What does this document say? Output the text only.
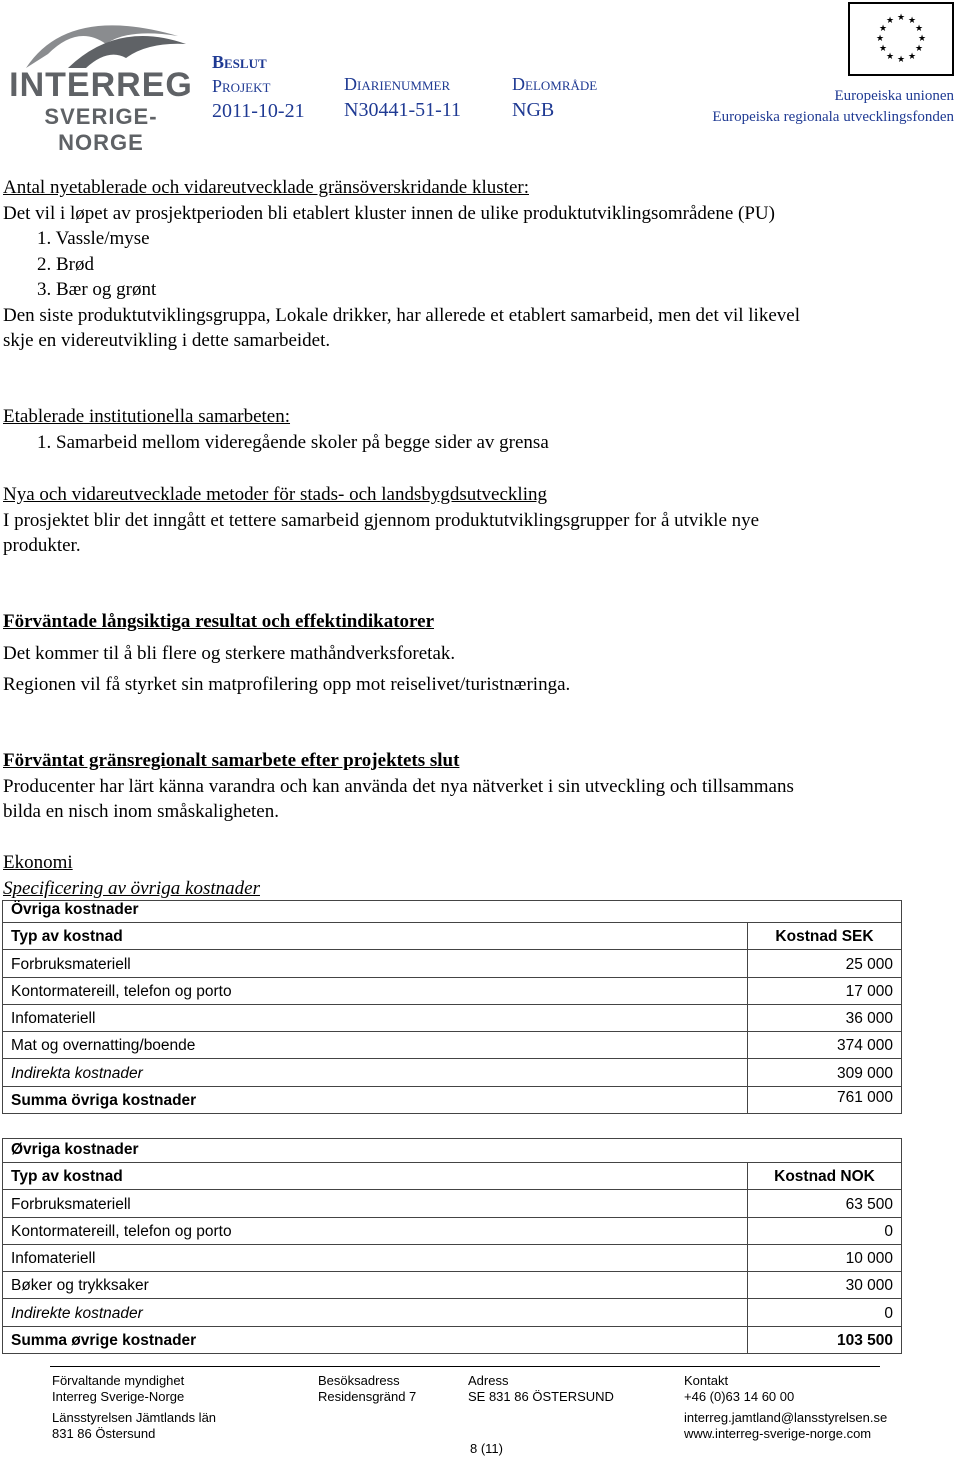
INTERREG
SVERIGE-NORGE
Beslut
Projekt
2011-10-21
Diarienummer
N30441-51-11
Delområde
NGB
★ ★
★
★
★
★
★
★
★
★
★
★
Europeiska unionen
Europeiska regionala utvecklingsfonden

Antal nyetablerade och vidareutvecklade gränsöverskridande kluster:

Det vil i løpet av prosjektperioden bli etablert kluster innen de ulike produktutviklingsområdene (PU)

1. Vassle/myse

2. Brød

3. Bær og grønt

Den siste produktutviklingsgruppa, Lokale drikker, har allerede et etablert samarbeid, men det vil likevel

skje en videreutvikling i dette samarbeidet.

Etablerade institutionella samarbeten:

1. Samarbeid mellom videregående skoler på begge sider av grensa

Nya och vidareutvecklade metoder för stads- och landsbygdsutveckling

I prosjektet blir det inngått et tettere samarbeid gjennom produktutviklingsgrupper for å utvikle nye

produkter.

Förväntade långsiktiga resultat och effektindikatorer

Det kommer til å bli flere og sterkere mathåndverksforetak.

Regionen vil få styrket sin matprofilering opp mot reiselivet/turistnæringa.

Förväntat gränsregionalt samarbete efter projektets slut

Producenter har lärt känna varandra och kan använda det nya nätverket i sin utveckling och tillsammans

bilda en nisch inom småskaligheten.

Ekonomi

Specificering av övriga kostnader

Övriga kostnader	
Typ av kostnad	Kostnad SEK
Forbruksmateriell	25 000
Kontormatereill, telefon og porto	17 000
Infomateriell	36 000
Mat og overnatting/boende	374 000
Indirekta kostnader	309 000
Summa övriga kostnader	761 000
Øvriga kostnader	
Typ av kostnad	Kostnad NOK
Forbruksmateriell	63 500
Kontormatereill, telefon og porto	0
Infomateriell	10 000
Bøker og trykksaker	30 000
Indirekte kostnader	0
Summa øvrige kostnader	103 500
Förvaltande myndighet
Interreg Sverige-Norge
Länsstyrelsen Jämtlands län
831 86 Östersund
Besöksadress
Residensgränd 7
Adress
SE 831 86 ÖSTERSUND
Kontakt
+46 (0)63 14 60 00
interreg.jamtland@lansstyrelsen.se
www.interreg-sverige-norge.com
8 (11)
